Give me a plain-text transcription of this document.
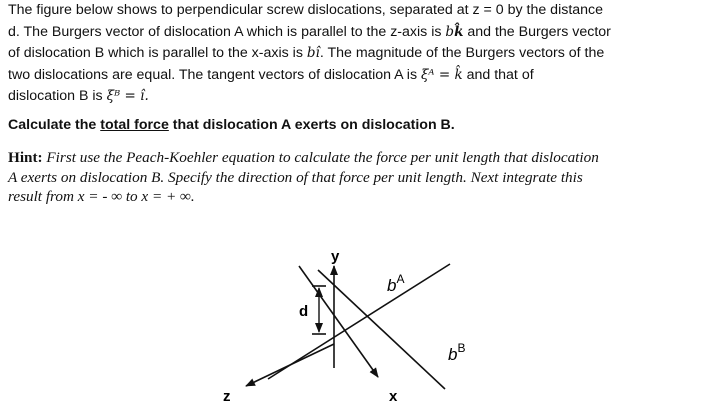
The figure below shows to perpendicular screw dislocations, separated at z = 0 by the distance
d. The Burgers vector of dislocation A which is parallel to the z-axis is bk̂ and the Burgers vector
of dislocation B which is parallel to the x-axis is bî. The magnitude of the Burgers vectors of the
two dislocations are equal. The tangent vectors of dislocation A is ξᴬ = k̂ and that of
dislocation B is ξᴮ = î.
Calculate the total force that dislocation A exerts on dislocation B.
Hint: First use the Peach-Koehler equation to calculate the force per unit length that dislocation
A exerts on dislocation B. Specify the direction of that force per unit length. Next integrate this
result from x = - ∞ to x = + ∞.
y
z	x
d
$b^A$
$b^B$
